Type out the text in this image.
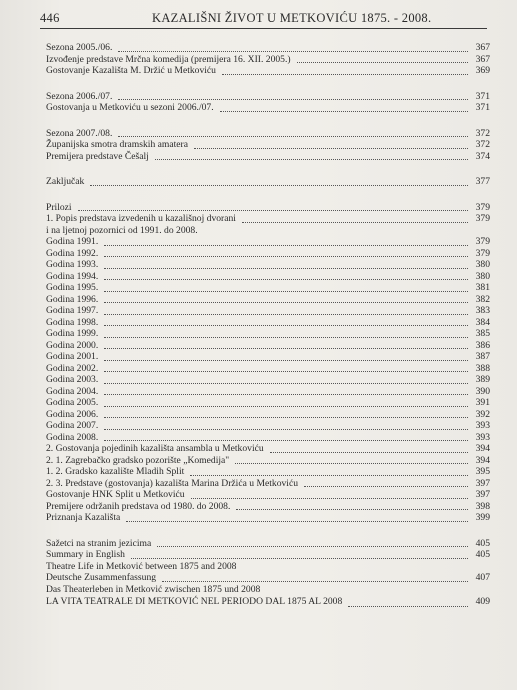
446	KAZALIŠNI ŽIVOT U METKOVIĆU 1875. - 2008.
Sezona 2005./06.	367
Izvođenje predstave Mrčna komedija (premijera 16. XII. 2005.)	367
Gostovanje Kazališta M. Držić u Metkoviću	369
Sezona 2006./07.	371
Gostovanja u Metkoviću u sezoni 2006./07.	371
Sezona 2007./08.	372
Županijska smotra dramskih amatera	372
Premijera predstave Češalj	374
Zaključak	377
Prilozi	379
1. Popis predstava izvedenih u kazališnoj dvorani	379
i na ljetnoj pozornici od 1991. do 2008.
Godina 1991.	379
Godina 1992.	379
Godina 1993.	380
Godina 1994.	380
Godina 1995.	381
Godina 1996.	382
Godina 1997.	383
Godina 1998.	384
Godina 1999.	385
Godina 2000.	386
Godina 2001.	387
Godina 2002.	388
Godina 2003.	389
Godina 2004.	390
Godina 2005.	391
Godina 2006.	392
Godina 2007.	393
Godina 2008.	393
2. Gostovanja pojedinih kazališta ansambla u Metkoviću	394
2. 1. Zagrebačko gradsko pozorište „Komedija"	394
1. 2. Gradsko kazalište Mladih Split	395
2. 3. Predstave (gostovanja) kazališta Marina Držića u Metkoviću	397
Gostovanje HNK Split u Metkoviću	397
Premijere održanih predstava od 1980. do 2008.	398
Priznanja Kazališta	399
Sažetci na stranim jezicima	405
Summary in English	405
Theatre Life in Metković between 1875 and 2008
Deutsche Zusammenfassung	407
Das Theaterleben in Metković zwischen 1875 und 2008
LA VITA TEATRALE DI METKOVIĆ NEL PERIODO DAL 1875 AL 2008	409
